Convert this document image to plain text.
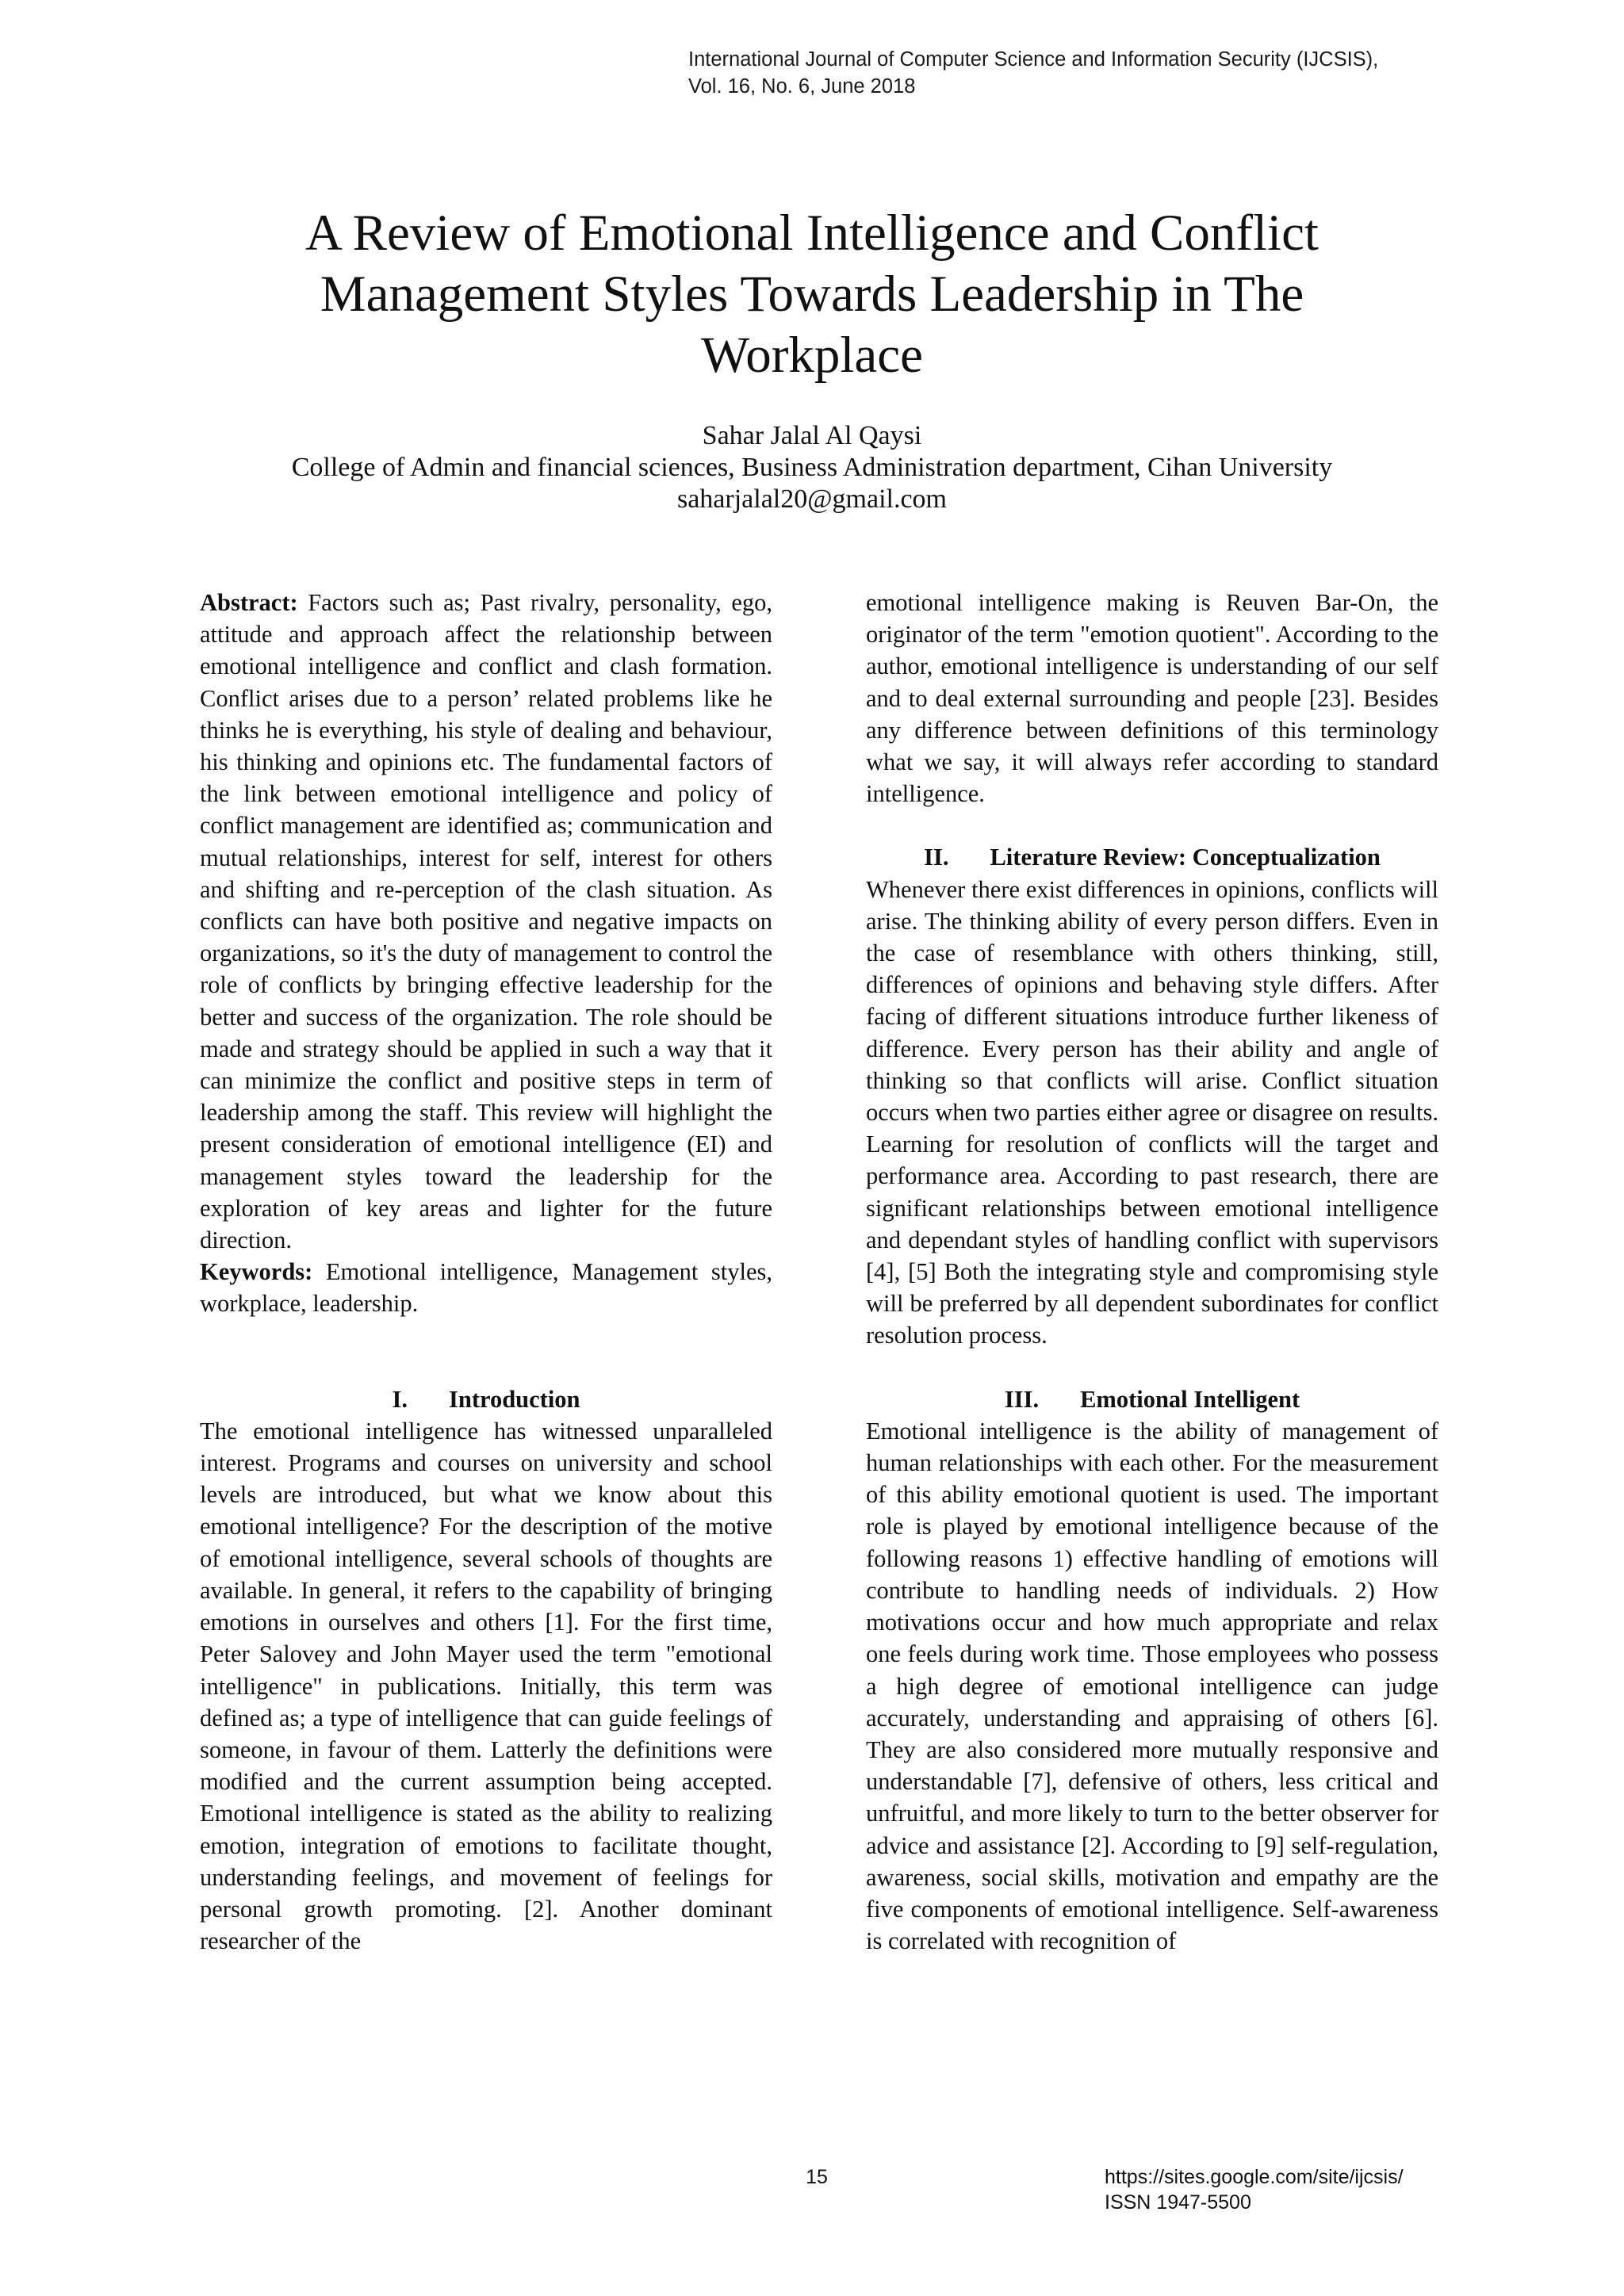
International Journal of Computer Science and Information Security (IJCSIS),
Vol. 16, No. 6, June 2018
A Review of Emotional Intelligence and Conflict
Management Styles Towards Leadership in The
Workplace
Sahar Jalal Al Qaysi
College of Admin and financial sciences, Business Administration department, Cihan University
saharjalal20@gmail.com

Abstract: Factors such as; Past rivalry, personality, ego, attitude and approach affect the relationship between emotional intelligence and conflict and clash formation. Conflict arises due to a person’ related problems like he thinks he is everything, his style of dealing and behaviour, his thinking and opinions etc. The fundamental factors of the link between emotional intelligence and policy of conflict management are identified as; communication and mutual relationships, interest for self, interest for others and shifting and re-perception of the clash situation. As conflicts can have both positive and negative impacts on organizations, so it's the duty of management to control the role of conflicts by bringing effective leadership for the better and success of the organization. The role should be made and strategy should be applied in such a way that it can minimize the conflict and positive steps in term of leadership among the staff. This review will highlight the present consideration of emotional intelligence (EI) and management styles toward the leadership for the exploration of key areas and lighter for the future direction.

Keywords: Emotional intelligence, Management styles, workplace, leadership.

I. Introduction

The emotional intelligence has witnessed unparalleled interest. Programs and courses on university and school levels are introduced, but what we know about this emotional intelligence? For the description of the motive of emotional intelligence, several schools of thoughts are available. In general, it refers to the capability of bringing emotions in ourselves and others [1]. For the first time, Peter Salovey and John Mayer used the term "emotional intelligence" in publications. Initially, this term was defined as; a type of intelligence that can guide feelings of someone, in favour of them. Latterly the definitions were modified and the current assumption being accepted. Emotional intelligence is stated as the ability to realizing emotion, integration of emotions to facilitate thought, understanding feelings, and movement of feelings for personal growth promoting. [2]. Another dominant researcher of the

emotional intelligence making is Reuven Bar-On, the originator of the term "emotion quotient". According to the author, emotional intelligence is understanding of our self and to deal external surrounding and people [23]. Besides any difference between definitions of this terminology what we say, it will always refer according to standard intelligence.

II. Literature Review: Conceptualization

Whenever there exist differences in opinions, conflicts will arise. The thinking ability of every person differs. Even in the case of resemblance with others thinking, still, differences of opinions and behaving style differs. After facing of different situations introduce further likeness of difference. Every person has their ability and angle of thinking so that conflicts will arise. Conflict situation occurs when two parties either agree or disagree on results. Learning for resolution of conflicts will the target and performance area. According to past research, there are significant relationships between emotional intelligence and dependant styles of handling conflict with supervisors [4], [5] Both the integrating style and compromising style will be preferred by all dependent subordinates for conflict resolution process.

III. Emotional Intelligent

Emotional intelligence is the ability of management of human relationships with each other. For the measurement of this ability emotional quotient is used. The important role is played by emotional intelligence because of the following reasons 1) effective handling of emotions will contribute to handling needs of individuals. 2) How motivations occur and how much appropriate and relax one feels during work time. Those employees who possess a high degree of emotional intelligence can judge accurately, understanding and appraising of others [6]. They are also considered more mutually responsive and understandable [7], defensive of others, less critical and unfruitful, and more likely to turn to the better observer for advice and assistance [2]. According to [9] self-regulation, awareness, social skills, motivation and empathy are the five components of emotional intelligence. Self-awareness is correlated with recognition of

15	https://sites.google.com/site/ijcsis/
ISSN 1947-5500
